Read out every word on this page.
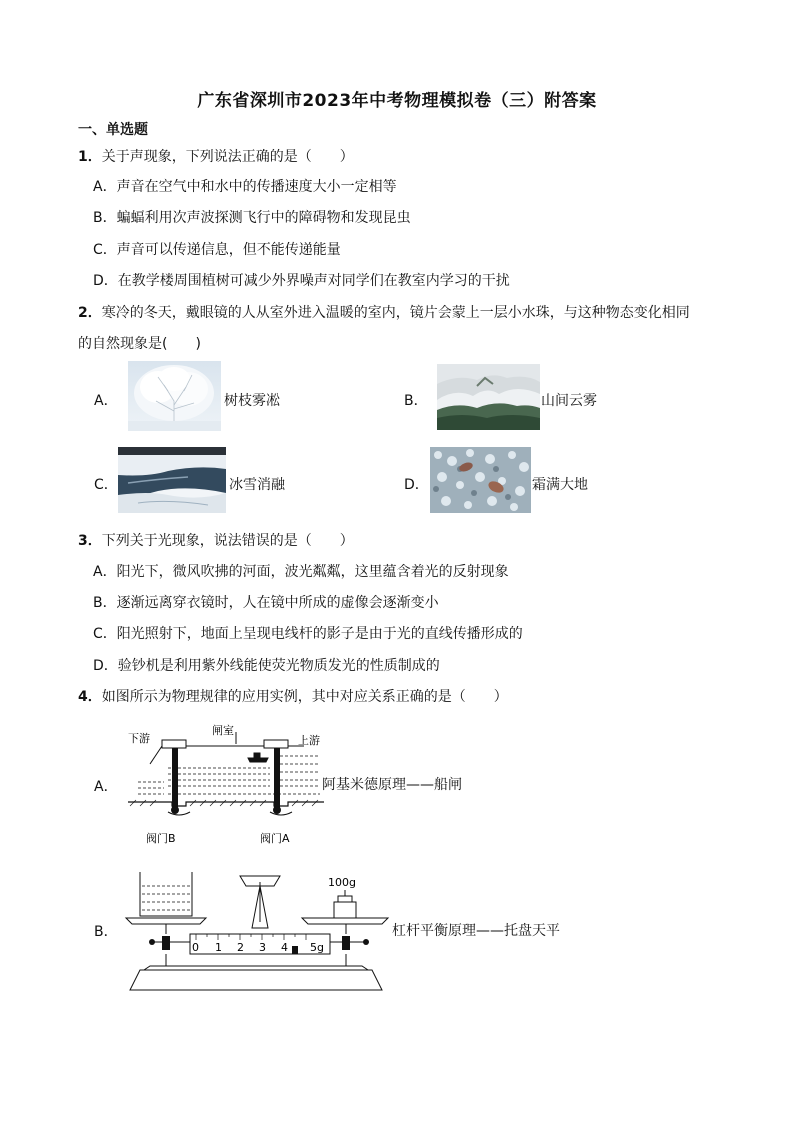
广东省深圳市2023年中考物理模拟卷（三）附答案
一、单选题
1．关于声现象，下列说法正确的是（　　）
A．声音在空气中和水中的传播速度大小一定相等
B．蝙蝠利用次声波探测飞行中的障碍物和发现昆虫
C．声音可以传递信息，但不能传递能量
D．在教学楼周围植树可减少外界噪声对同学们在教室内学习的干扰
2．寒冷的冬天，戴眼镜的人从室外进入温暖的室内，镜片会蒙上一层小水珠，与这种物态变化相同
的自然现象是(　　)
A．	树枝雾凇	B．	山间云雾
C．	冰雪消融	D．	霜满大地
3．下列关于光现象，说法错误的是（　　）
A．阳光下，微风吹拂的河面，波光粼粼，这里蕴含着光的反射现象
B．逐渐远离穿衣镜时，人在镜中所成的虚像会逐渐变小
C．阳光照射下，地面上呈现电线杆的影子是由于光的直线传播形成的
D．验钞机是利用紫外线能使荧光物质发光的性质制成的
4．如图所示为物理规律的应用实例，其中对应关系正确的是（　　）
A．
下游
闸室
上游
阀门B	阀门A
阿基米德原理——船闸
B．
100g
0 1 2 3 4 5g
杠杆平衡原理——托盘天平
